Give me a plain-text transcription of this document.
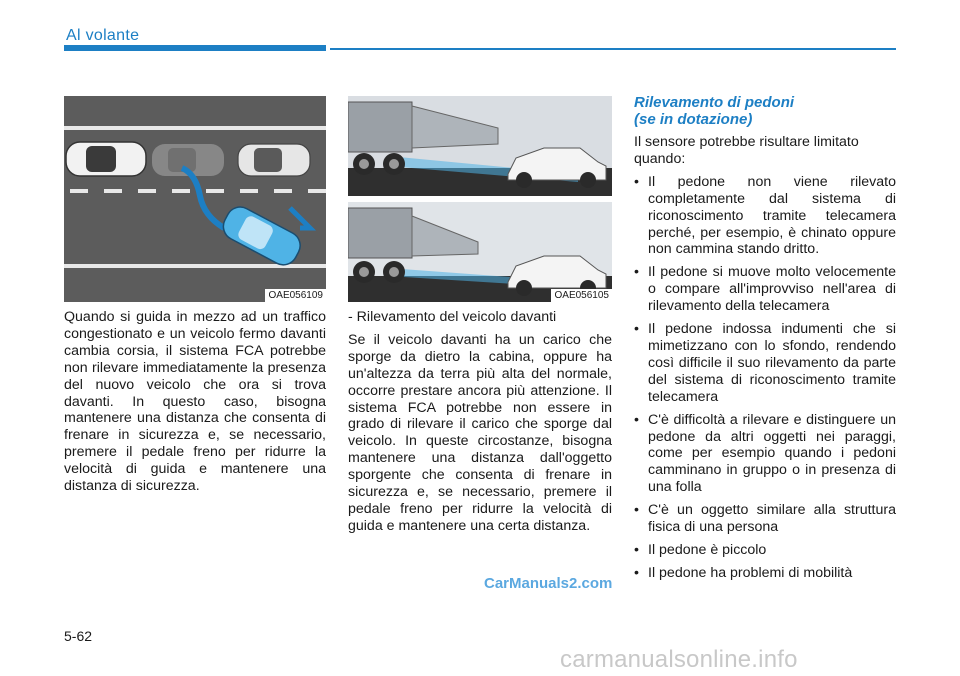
Al volante
OAE056109	OAE056105

Quando si guida in mezzo ad un traffico congestionato e un veicolo fermo davanti cambia corsia, il sistema FCA potrebbe non rilevare immediatamente la presenza del nuovo veicolo che ora si trova davanti. In questo caso, bisogna mantenere una distanza che consenta di frenare in sicurezza e, se necessario, premere il pedale freno per ridurre la velocità di guida e mantenere una distanza di sicurezza.

- Rilevamento del veicolo davanti

Se il veicolo davanti ha un carico che sporge da dietro la cabina, oppure ha un'altezza da terra più alta del normale, occorre prestare ancora più attenzione. Il sistema FCA potrebbe non essere in grado di rilevare il carico che sporge dal veicolo. In queste circostanze, bisogna mantenere una distanza dall'oggetto sporgente che consenta di frenare in sicurezza e, se necessario, premere il pedale freno per ridurre la velocità di guida e mantenere una certa distanza.

Rilevamento di pedoni
(se in dotazione)

Il sensore potrebbe risultare limitato quando:

• Il pedone non viene rilevato completamente dal sistema di riconoscimento tramite telecamera perché, per esempio, è chinato oppure non cammina stando dritto.
• Il pedone si muove molto velocemente o compare all'improvviso nell'area di rilevamento della telecamera
• Il pedone indossa indumenti che si mimetizzano con lo sfondo, rendendo così difficile il suo rilevamento da parte del sistema di riconoscimento tramite telecamera
• C'è difficoltà a rilevare e distinguere un pedone da altri oggetti nei paraggi, come per esempio quando i pedoni camminano in gruppo o in presenza di una folla
• C'è un oggetto similare alla struttura fisica di una persona
• Il pedone è piccolo
• Il pedone ha problemi di mobilità
CarManuals2.com
5-62
carmanualsonline.info
